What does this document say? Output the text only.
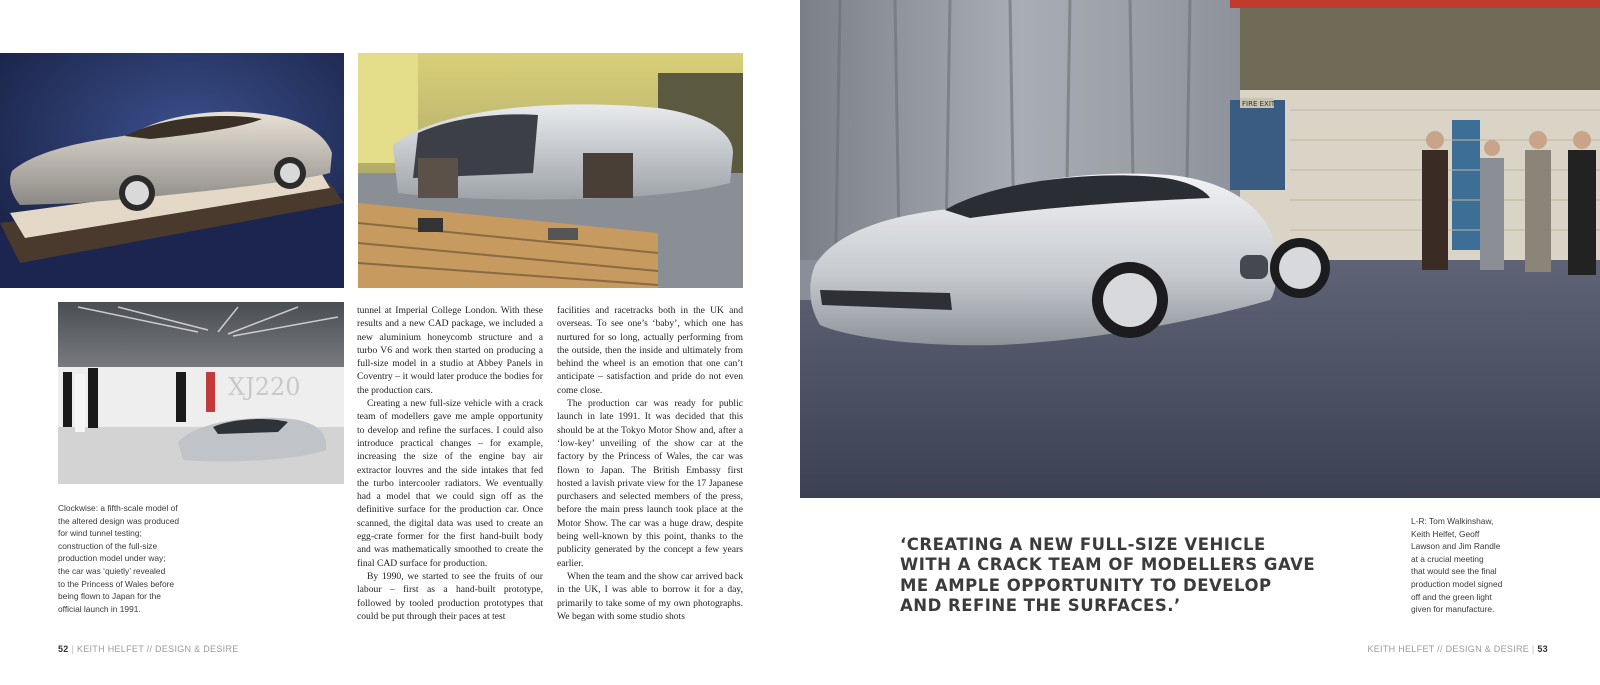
XJ220
Clockwise: a fifth-scale model of
the altered design was produced
for wind tunnel testing;
construction of the full-size
production model under way;
the car was ‘quietly’ revealed
to the Princess of Wales before
being flown to Japan for the
official launch in 1991.

tunnel at Imperial College London. With these results and a new CAD package, we included a new aluminium honeycomb structure and a turbo V6 and work then started on producing a full-size model in a studio at Abbey Panels in Coventry – it would later produce the bodies for the production cars.

Creating a new full-size vehicle with a crack team of modellers gave me ample opportunity to develop and refine the surfaces. I could also introduce practical changes – for example, increasing the size of the engine bay air extractor louvres and the side intakes that fed the turbo intercooler radiators. We eventually had a model that we could sign off as the definitive surface for the production car. Once scanned, the digital data was used to create an egg-crate former for the first hand-built body and was mathematically smoothed to create the final CAD surface for production.

By 1990, we started to see the fruits of our labour – first as a hand-built prototype, followed by tooled production prototypes that could be put through their paces at test

facilities and racetracks both in the UK and overseas. To see one’s ‘baby’, which one has nurtured for so long, actually performing from the outside, then the inside and ultimately from behind the wheel is an emotion that one can’t anticipate – satisfaction and pride do not even come close.

The production car was ready for public launch in late 1991. It was decided that this should be at the Tokyo Motor Show and, after a ‘low-key’ unveiling of the show car at the factory by the Princess of Wales, the car was flown to Japan. The British Embassy first hosted a lavish private view for the 17 Japanese purchasers and selected members of the press, before the main press launch took place at the Motor Show. The car was a huge draw, despite being well-known by this point, thanks to the publicity generated by the concept a few years earlier.

When the team and the show car arrived back in the UK, I was able to borrow it for a day, primarily to take some of my own photographs. We began with some studio shots

52 | KEITH HELFET // DESIGN & DESIRE
FIRE EXIT
‘CREATING A NEW FULL-SIZE VEHICLE
WITH A CRACK TEAM OF MODELLERS GAVE
ME AMPLE OPPORTUNITY TO DEVELOP
AND REFINE THE SURFACES.’
L-R: Tom Walkinshaw,
Keith Helfet, Geoff
Lawson and Jim Randle
at a crucial meeting
that would see the final
production model signed
off and the green light
given for manufacture.
KEITH HELFET // DESIGN & DESIRE | 53
